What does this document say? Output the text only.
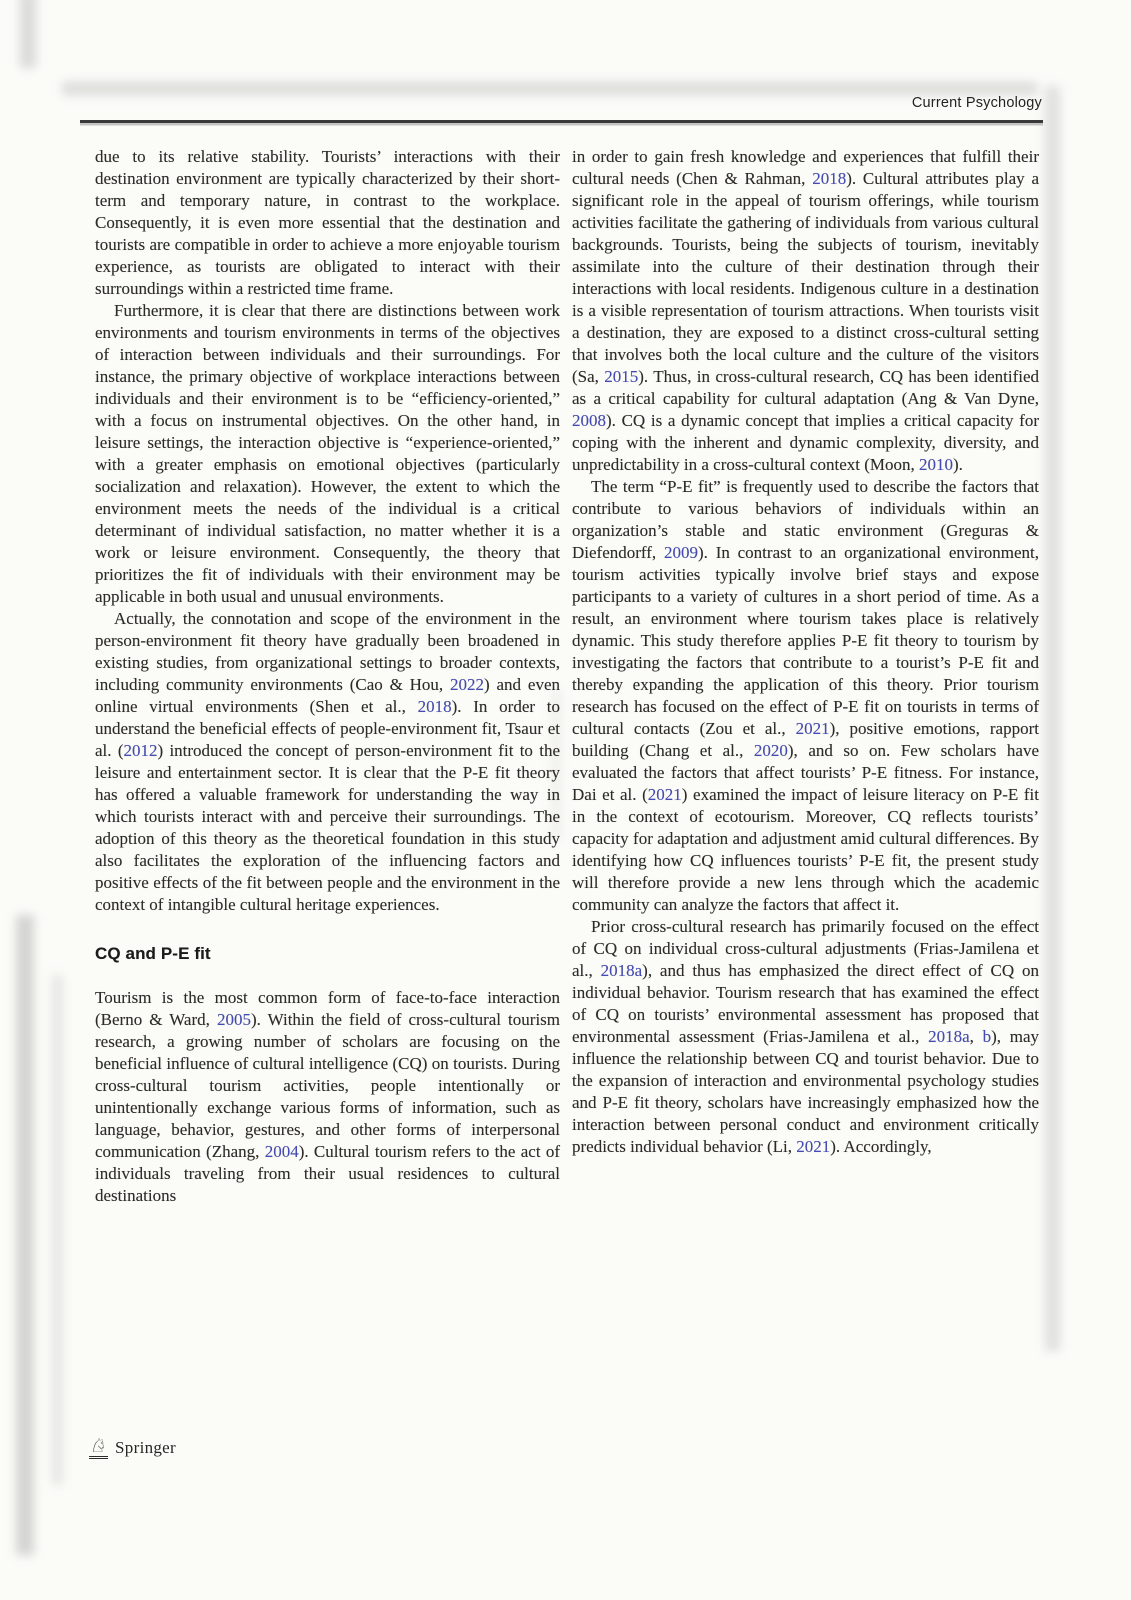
Current Psychology

due to its relative stability. Tourists’ interactions with their destination environment are typically characterized by their short-term and temporary nature, in contrast to the workplace. Consequently, it is even more essential that the destination and tourists are compatible in order to achieve a more enjoyable tourism experience, as tourists are obligated to interact with their surroundings within a restricted time frame.

Furthermore, it is clear that there are distinctions between work environments and tourism environments in terms of the objectives of interaction between individuals and their surroundings. For instance, the primary objective of workplace interactions between individuals and their environment is to be “efficiency-oriented,” with a focus on instrumental objectives. On the other hand, in leisure settings, the interaction objective is “experience-oriented,” with a greater emphasis on emotional objectives (particularly socialization and relaxation). However, the extent to which the environment meets the needs of the individual is a critical determinant of individual satisfaction, no matter whether it is a work or leisure environment. Consequently, the theory that prioritizes the fit of individuals with their environment may be applicable in both usual and unusual environments.

Actually, the connotation and scope of the environment in the person-environment fit theory have gradually been broadened in existing studies, from organizational settings to broader contexts, including community environments (Cao & Hou, 2022) and even online virtual environments (Shen et al., 2018). In order to understand the beneficial effects of people-environment fit, Tsaur et al. (2012) introduced the concept of person-environment fit to the leisure and entertainment sector. It is clear that the P-E fit theory has offered a valuable framework for understanding the way in which tourists interact with and perceive their surroundings. The adoption of this theory as the theoretical foundation in this study also facilitates the exploration of the influencing factors and positive effects of the fit between people and the environment in the context of intangible cultural heritage experiences.

CQ and P-E fit

Tourism is the most common form of face-to-face interaction (Berno & Ward, 2005). Within the field of cross-cultural tourism research, a growing number of scholars are focusing on the beneficial influence of cultural intelligence (CQ) on tourists. During cross-cultural tourism activities, people intentionally or unintentionally exchange various forms of information, such as language, behavior, gestures, and other forms of interpersonal communication (Zhang, 2004). Cultural tourism refers to the act of individuals traveling from their usual residences to cultural destinations

in order to gain fresh knowledge and experiences that fulfill their cultural needs (Chen & Rahman, 2018). Cultural attributes play a significant role in the appeal of tourism offerings, while tourism activities facilitate the gathering of individuals from various cultural backgrounds. Tourists, being the subjects of tourism, inevitably assimilate into the culture of their destination through their interactions with local residents. Indigenous culture in a destination is a visible representation of tourism attractions. When tourists visit a destination, they are exposed to a distinct cross-cultural setting that involves both the local culture and the culture of the visitors (Sa, 2015). Thus, in cross-cultural research, CQ has been identified as a critical capability for cultural adaptation (Ang & Van Dyne, 2008). CQ is a dynamic concept that implies a critical capacity for coping with the inherent and dynamic complexity, diversity, and unpredictability in a cross-cultural context (Moon, 2010).

The term “P-E fit” is frequently used to describe the factors that contribute to various behaviors of individuals within an organization’s stable and static environment (Greguras & Diefendorff, 2009). In contrast to an organizational environment, tourism activities typically involve brief stays and expose participants to a variety of cultures in a short period of time. As a result, an environment where tourism takes place is relatively dynamic. This study therefore applies P-E fit theory to tourism by investigating the factors that contribute to a tourist’s P-E fit and thereby expanding the application of this theory. Prior tourism research has focused on the effect of P-E fit on tourists in terms of cultural contacts (Zou et al., 2021), positive emotions, rapport building (Chang et al., 2020), and so on. Few scholars have evaluated the factors that affect tourists’ P-E fitness. For instance, Dai et al. (2021) examined the impact of leisure literacy on P-E fit in the context of ecotourism. Moreover, CQ reflects tourists’ capacity for adaptation and adjustment amid cultural differences. By identifying how CQ influences tourists’ P-E fit, the present study will therefore provide a new lens through which the academic community can analyze the factors that affect it.

Prior cross-cultural research has primarily focused on the effect of CQ on individual cross-cultural adjustments (Frias-Jamilena et al., 2018a), and thus has emphasized the direct effect of CQ on individual behavior. Tourism research that has examined the effect of CQ on tourists’ environmental assessment has proposed that environmental assessment (Frias-Jamilena et al., 2018a, b), may influence the relationship between CQ and tourist behavior. Due to the expansion of interaction and environmental psychology studies and P-E fit theory, scholars have increasingly emphasized how the interaction between personal conduct and environment critically predicts individual behavior (Li, 2021). Accordingly,

♘ Springer
